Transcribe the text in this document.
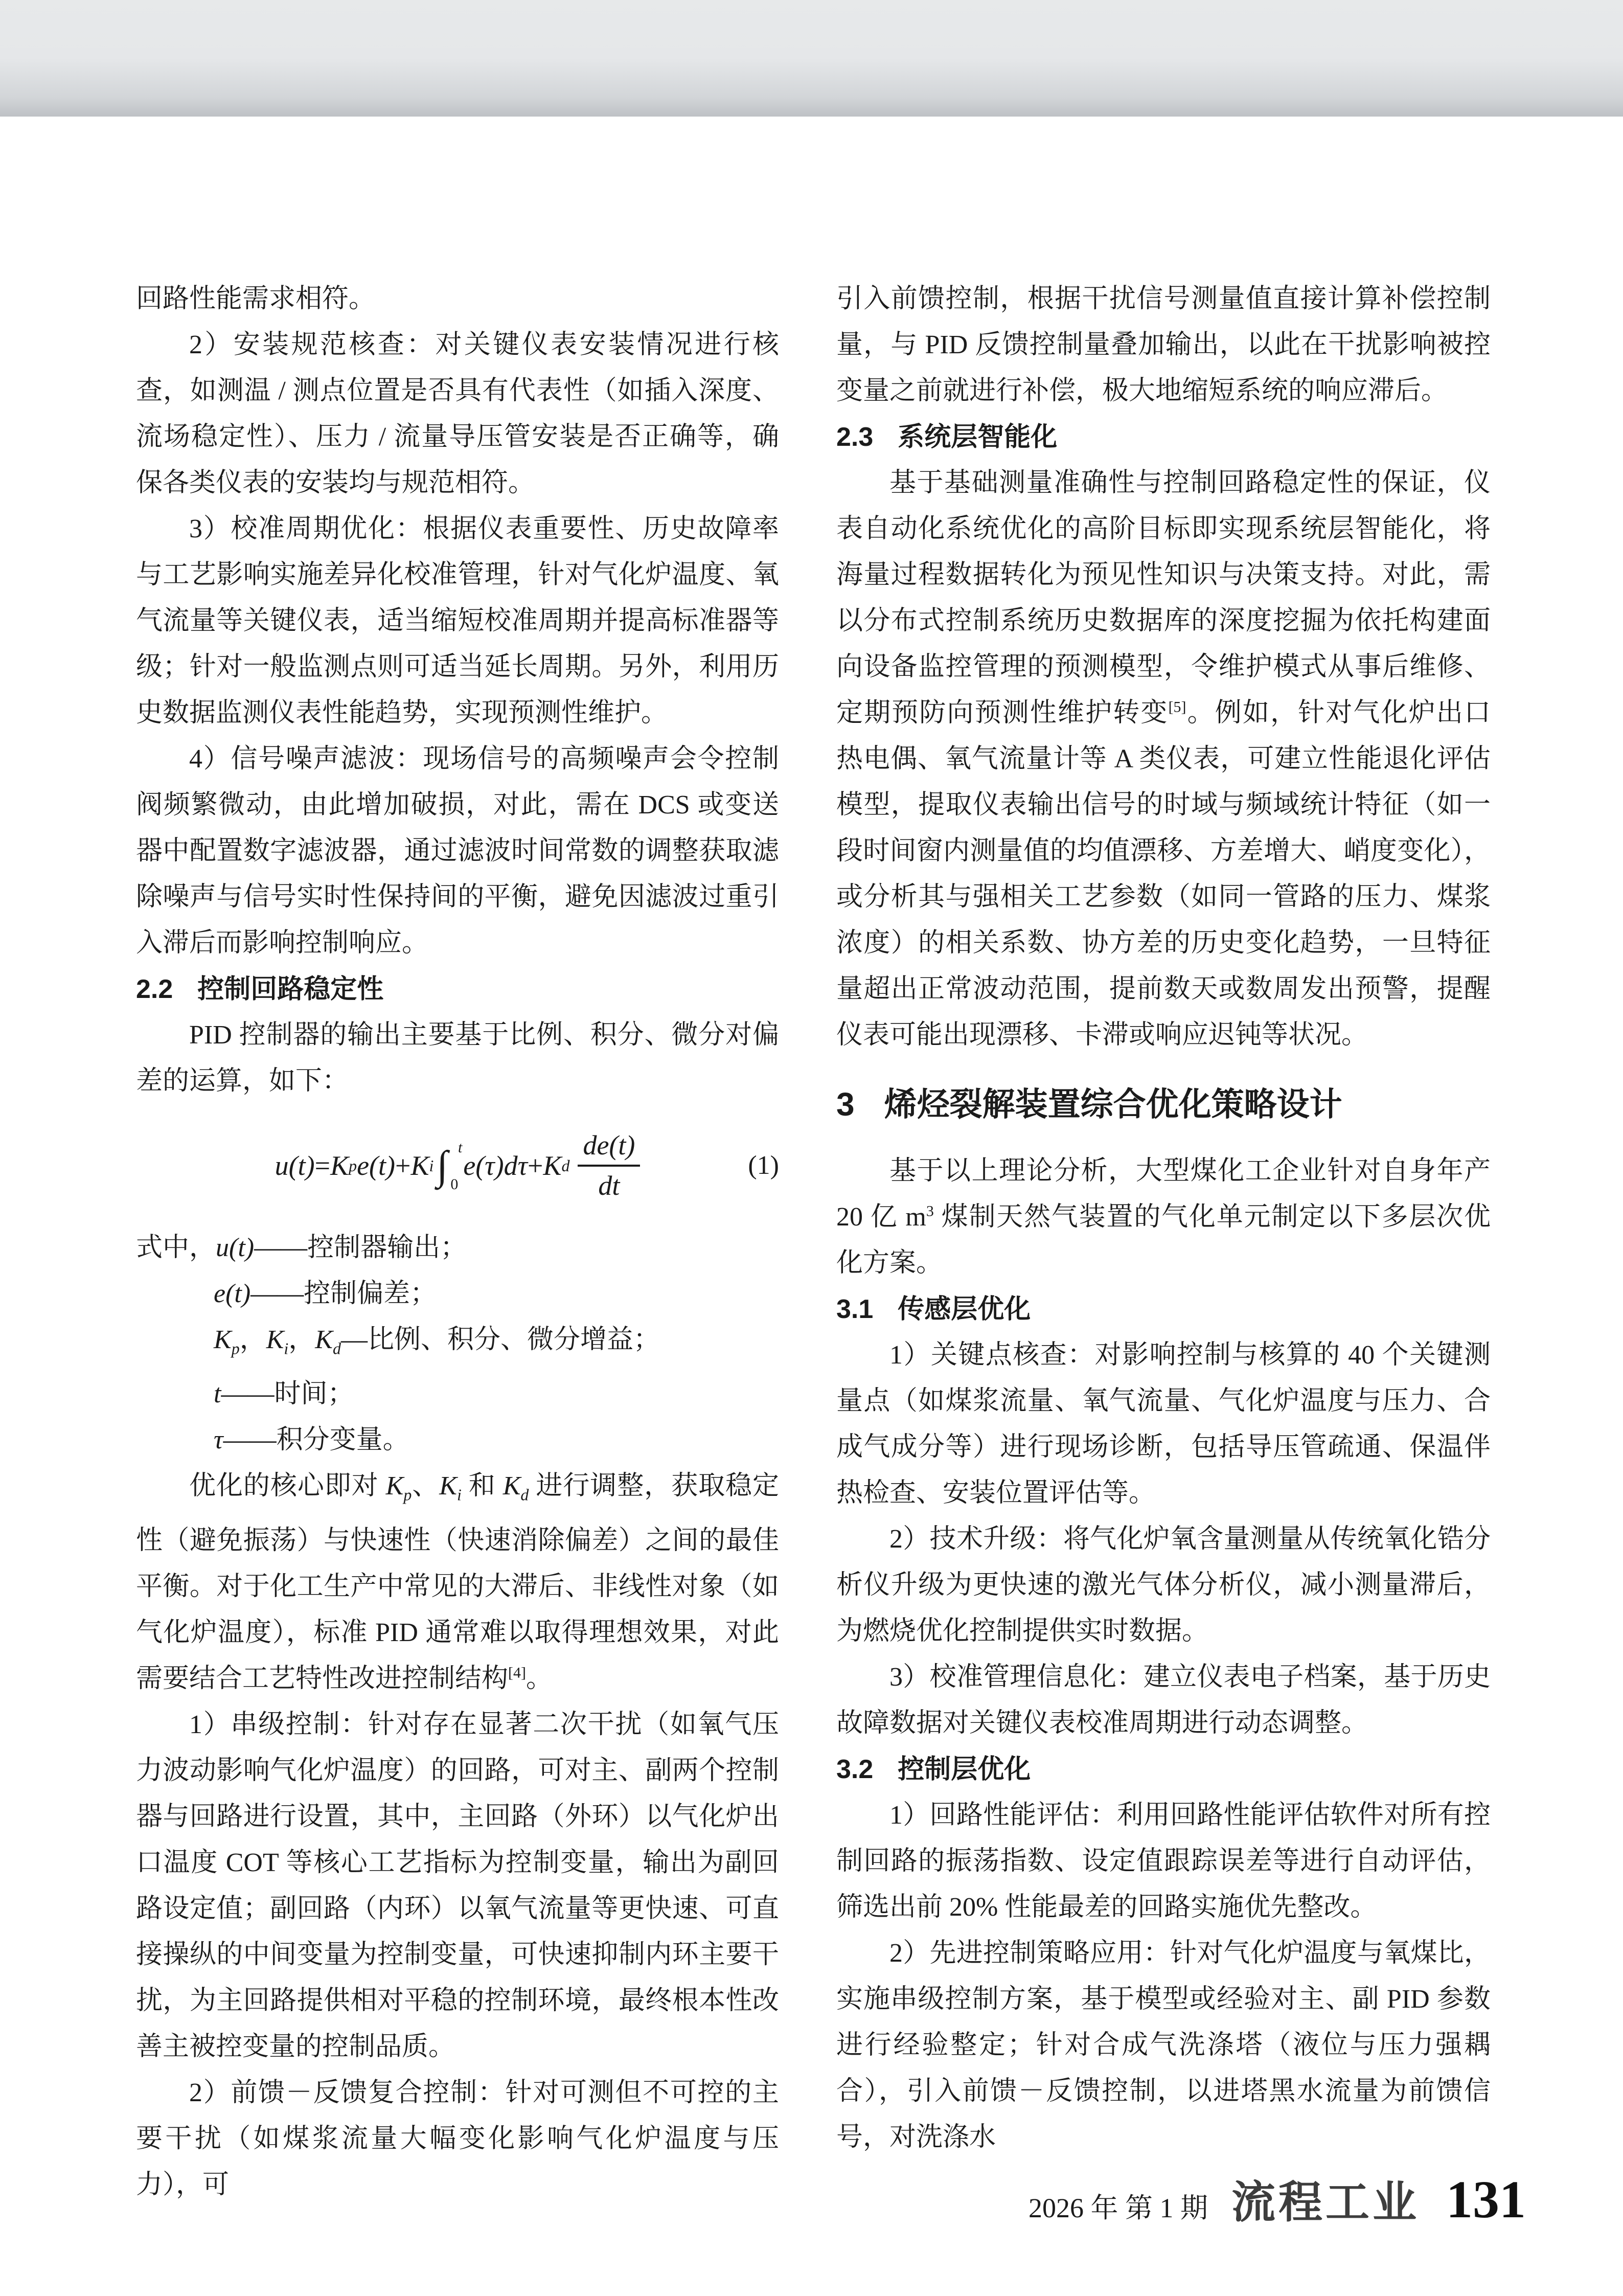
回路性能需求相符。

2）安装规范核查：对关键仪表安装情况进行核查，如测温 / 测点位置是否具有代表性（如插入深度、流场稳定性）、压力 / 流量导压管安装是否正确等，确保各类仪表的安装均与规范相符。

3）校准周期优化：根据仪表重要性、历史故障率与工艺影响实施差异化校准管理，针对气化炉温度、氧气流量等关键仪表，适当缩短校准周期并提高标准器等级；针对一般监测点则可适当延长周期。另外，利用历史数据监测仪表性能趋势，实现预测性维护。

4）信号噪声滤波：现场信号的高频噪声会令控制阀频繁微动，由此增加破损，对此，需在 DCS 或变送器中配置数字滤波器，通过滤波时间常数的调整获取滤除噪声与信号实时性保持间的平衡，避免因滤波过重引入滞后而影响控制响应。

2.2 控制回路稳定性

PID 控制器的输出主要基于比例、积分、微分对偏差的运算，如下：

u(t) = K p e(t) + K i ∫ t
0
e(τ)dτ + K d $\frac{de(t)}{dt}$	(1)

式中，u(t)——控制器输出；

e(t)——控制偏差；

$K_p$，$K_i$，$K_d—$比例、积分、微分增益；

t——时间；

τ——积分变量。

优化的核心即对 $K_p$、$K_i$ 和 $K_d$ 进行调整，获取稳定性（避免振荡）与快速性（快速消除偏差）之间的最佳平衡。对于化工生产中常见的大滞后、非线性对象（如气化炉温度），标准 PID 通常难以取得理想效果，对此需要结合工艺特性改进控制结构[4]。

1）串级控制：针对存在显著二次干扰（如氧气压力波动影响气化炉温度）的回路，可对主、副两个控制器与回路进行设置，其中，主回路（外环）以气化炉出口温度 COT 等核心工艺指标为控制变量，输出为副回路设定值；副回路（内环）以氧气流量等更快速、可直接操纵的中间变量为控制变量，可快速抑制内环主要干扰，为主回路提供相对平稳的控制环境，最终根本性改善主被控变量的控制品质。

2）前馈－反馈复合控制：针对可测但不可控的主要干扰（如煤浆流量大幅变化影响气化炉温度与压力），可

引入前馈控制，根据干扰信号测量值直接计算补偿控制量，与 PID 反馈控制量叠加输出，以此在干扰影响被控变量之前就进行补偿，极大地缩短系统的响应滞后。

2.3 系统层智能化

基于基础测量准确性与控制回路稳定性的保证，仪表自动化系统优化的高阶目标即实现系统层智能化，将海量过程数据转化为预见性知识与决策支持。对此，需以分布式控制系统历史数据库的深度挖掘为依托构建面向设备监控管理的预测模型，令维护模式从事后维修、定期预防向预测性维护转变[5]。例如，针对气化炉出口热电偶、氧气流量计等 A 类仪表，可建立性能退化评估模型，提取仪表输出信号的时域与频域统计特征（如一段时间窗内测量值的均值漂移、方差增大、峭度变化），或分析其与强相关工艺参数（如同一管路的压力、煤浆浓度）的相关系数、协方差的历史变化趋势，一旦特征量超出正常波动范围，提前数天或数周发出预警，提醒仪表可能出现漂移、卡滞或响应迟钝等状况。

3 烯烃裂解装置综合优化策略设计

基于以上理论分析，大型煤化工企业针对自身年产 20 亿 $m^3$ 煤制天然气装置的气化单元制定以下多层次优化方案。

3.1 传感层优化

1）关键点核查：对影响控制与核算的 40 个关键测量点（如煤浆流量、氧气流量、气化炉温度与压力、合成气成分等）进行现场诊断，包括导压管疏通、保温伴热检查、安装位置评估等。

2）技术升级：将气化炉氧含量测量从传统氧化锆分析仪升级为更快速的激光气体分析仪，减小测量滞后，为燃烧优化控制提供实时数据。

3）校准管理信息化：建立仪表电子档案，基于历史故障数据对关键仪表校准周期进行动态调整。

3.2 控制层优化

1）回路性能评估：利用回路性能评估软件对所有控制回路的振荡指数、设定值跟踪误差等进行自动评估，筛选出前 20% 性能最差的回路实施优先整改。

2）先进控制策略应用：针对气化炉温度与氧煤比，实施串级控制方案，基于模型或经验对主、副 PID 参数进行经验整定；针对合成气洗涤塔（液位与压力强耦合），引入前馈－反馈控制，以进塔黑水流量为前馈信号，对洗涤水

2026 年 第 1 期 流程工业 131
